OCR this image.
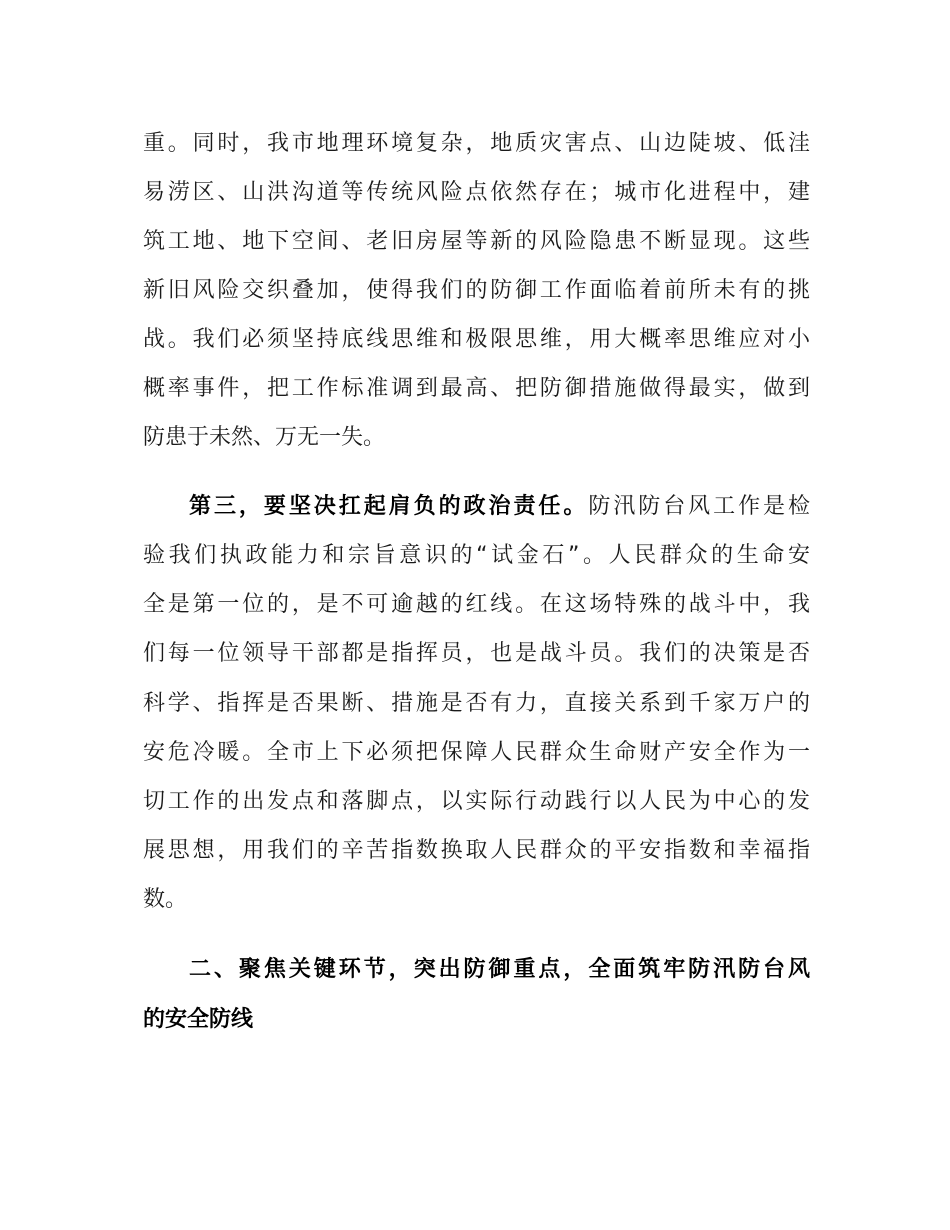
重。同时，我市地理环境复杂，地质灾害点、山边陡坡、低洼
易涝区、山洪沟道等传统风险点依然存在；城市化进程中，建
筑工地、地下空间、老旧房屋等新的风险隐患不断显现。这些
新旧风险交织叠加，使得我们的防御工作面临着前所未有的挑
战。我们必须坚持底线思维和极限思维，用大概率思维应对小
概率事件，把工作标准调到最高、把防御措施做得最实，做到
防患于未然、万无一失。
第三，要坚决扛起肩负的政治责任。防汛防台风工作是检
验我们执政能力和宗旨意识的“试金石”。人民群众的生命安
全是第一位的，是不可逾越的红线。在这场特殊的战斗中，我
们每一位领导干部都是指挥员，也是战斗员。我们的决策是否
科学、指挥是否果断、措施是否有力，直接关系到千家万户的
安危冷暖。全市上下必须把保障人民群众生命财产安全作为一
切工作的出发点和落脚点，以实际行动践行以人民为中心的发
展思想，用我们的辛苦指数换取人民群众的平安指数和幸福指
数。
二、聚焦关键环节，突出防御重点，全面筑牢防汛防台风
的安全防线
